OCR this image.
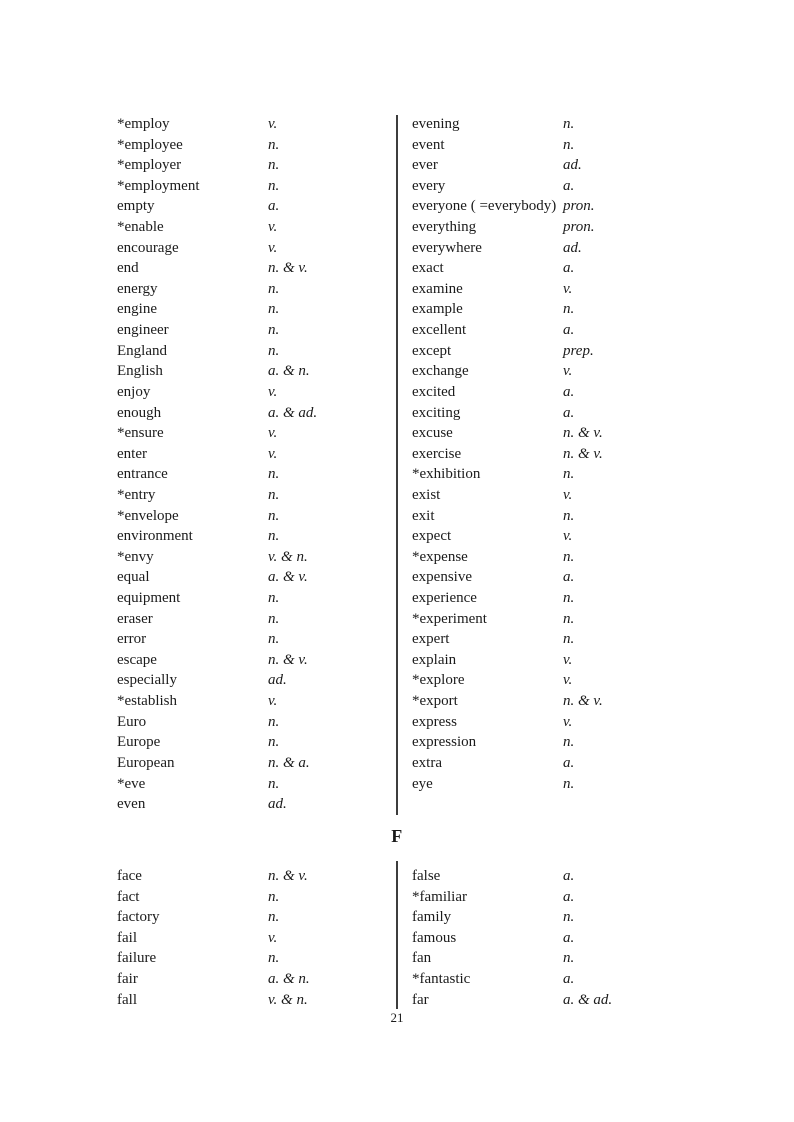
*employ	v.
*employee	n.
*employer	n.
*employment	n.
empty	a.
*enable	v.
encourage	v.
end	n. & v.
energy	n.
engine	n.
engineer	n.
England	n.
English	a. & n.
enjoy	v.
enough	a. & ad.
*ensure	v.
enter	v.
entrance	n.
*entry	n.
*envelope	n.
environment	n.
*envy	v. & n.
equal	a. & v.
equipment	n.
eraser	n.
error	n.
escape	n. & v.
especially	ad.
*establish	v.
Euro	n.
Europe	n.
European	n. & a.
*eve	n.
even	ad.
evening	n.
event	n.
ever	ad.
every	a.
everyone ( =everybody) pron.
everything	pron.
everywhere	ad.
exact	a.
examine	v.
example	n.
excellent	a.
except	prep.
exchange	v.
excited	a.
exciting	a.
excuse	n. & v.
exercise	n. & v.
*exhibition	n.
exist	v.
exit	n.
expect	v.
*expense	n.
expensive	a.
experience	n.
*experiment	n.
expert	n.
explain	v.
*explore	v.
*export	n. & v.
express	v.
expression	n.
extra	a.
eye	n.
F
face	n. & v.
fact	n.
factory	n.
fail	v.
failure	n.
fair	a. & n.
fall	v. & n.
false	a.
*familiar	a.
family	n.
famous	a.
fan	n.
*fantastic	a.
far	a. & ad.
21
